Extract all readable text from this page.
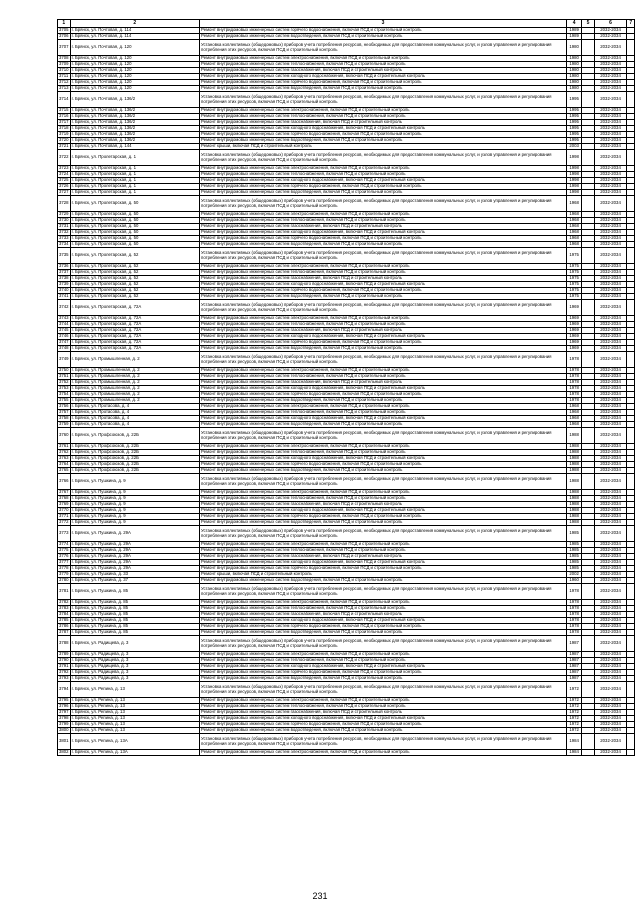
1	2	3	4	5	6	7
3705	г. Брянск, ул. Почтовая, д. 114	Ремонт внутридомовых инженерных систем горячего водоснабжения, включая ПСД и строительный контроль	1989		2032-2034	
3706	г. Брянск, ул. Почтовая, д. 114	Ремонт внутридомовых инженерных систем водоотведения, включая ПСД и строительный контроль	1989		2032-2034	
3707	г. Брянск, ул. Почтовая, д. 120	Установка коллективных (общедомовых) приборов учета потребления ресурсов, необходимых для предоставления коммунальных услуг, и узлов управления и регулирования потребления этих ресурсов, включая ПСД и строительный контроль	1980		2032-2034	
3708	г. Брянск, ул. Почтовая, д. 120	Ремонт внутридомовых инженерных систем электроснабжения, включая ПСД и строительный контроль	1980		2032-2034	
3709	г. Брянск, ул. Почтовая, д. 120	Ремонт внутридомовых инженерных систем теплоснабжения, включая ПСД и строительный контроль	1980		2032-2034	
3710	г. Брянск, ул. Почтовая, д. 120	Ремонт внутридомовых инженерных систем газоснабжения, включая ПСД и строительный контроль	1980		2032-2034	
3711	г. Брянск, ул. Почтовая, д. 120	Ремонт внутридомовых инженерных систем холодного водоснабжения, включая ПСД и строительный контроль	1980		2032-2034	
3712	г. Брянск, ул. Почтовая, д. 120	Ремонт внутридомовых инженерных систем горячего водоснабжения, включая ПСД и строительный контроль	1980		2032-2034	
3713	г. Брянск, ул. Почтовая, д. 120	Ремонт внутридомовых инженерных систем водоотведения, включая ПСД и строительный контроль	1980		2032-2034	
3714	г. Брянск, ул. Почтовая, д. 136/2	Установка коллективных (общедомовых) приборов учета потребления ресурсов, необходимых для предоставления коммунальных услуг, и узлов управления и регулирования потребления этих ресурсов, включая ПСД и строительный контроль	1995		2032-2034	
3715	г. Брянск, ул. Почтовая, д. 136/2	Ремонт внутридомовых инженерных систем электроснабжения, включая ПСД и строительный контроль	1995		2032-2034	
3716	г. Брянск, ул. Почтовая, д. 136/2	Ремонт внутридомовых инженерных систем теплоснабжения, включая ПСД и строительный контроль	1995		2032-2034	
3717	г. Брянск, ул. Почтовая, д. 136/2	Ремонт внутридомовых инженерных систем газоснабжения, включая ПСД и строительный контроль	1995		2032-2034	
3718	г. Брянск, ул. Почтовая, д. 136/2	Ремонт внутридомовых инженерных систем холодного водоснабжения, включая ПСД и строительный контроль	1995		2032-2034	
3719	г. Брянск, ул. Почтовая, д. 136/2	Ремонт внутридомовых инженерных систем горячего водоснабжения, включая ПСД и строительный контроль	1995		2032-2034	
3720	г. Брянск, ул. Почтовая, д. 136/2	Ремонт внутридомовых инженерных систем водоотведения, включая ПСД и строительный контроль	1995		2032-2034	
3721	г. Брянск, ул. Почтовая, д. 144	Ремонт крыши, включая ПСД и строительный контроль	2003		2032-2034	
3722	г. Брянск, ул. Пролетарская, д. 1	Установка коллективных (общедомовых) приборов учета потребления ресурсов, необходимых для предоставления коммунальных услуг, и узлов управления и регулирования потребления этих ресурсов, включая ПСД и строительный контроль	1998		2032-2034	
3723	г. Брянск, ул. Пролетарская, д. 1	Ремонт внутридомовых инженерных систем электроснабжения, включая ПСД и строительный контроль	1998		2032-2034	
3724	г. Брянск, ул. Пролетарская, д. 1	Ремонт внутридомовых инженерных систем теплоснабжения, включая ПСД и строительный контроль	1998		2032-2034	
3725	г. Брянск, ул. Пролетарская, д. 1	Ремонт внутридомовых инженерных систем холодного водоснабжения, включая ПСД и строительный контроль	1998		2032-2034	
3726	г. Брянск, ул. Пролетарская, д. 1	Ремонт внутридомовых инженерных систем горячего водоснабжения, включая ПСД и строительный контроль	1998		2032-2034	
3727	г. Брянск, ул. Пролетарская, д. 1	Ремонт внутридомовых инженерных систем водоотведения, включая ПСД и строительный контроль	1998		2032-2034	
3728	г. Брянск, ул. Пролетарская, д. 50	Установка коллективных (общедомовых) приборов учета потребления ресурсов, необходимых для предоставления коммунальных услуг, и узлов управления и регулирования потребления этих ресурсов, включая ПСД и строительный контроль	1968		2032-2034	
3729	г. Брянск, ул. Пролетарская, д. 50	Ремонт внутридомовых инженерных систем электроснабжения, включая ПСД и строительный контроль	1968		2032-2034	
3730	г. Брянск, ул. Пролетарская, д. 50	Ремонт внутридомовых инженерных систем теплоснабжения, включая ПСД и строительный контроль	1968		2032-2034	
3731	г. Брянск, ул. Пролетарская, д. 50	Ремонт внутридомовых инженерных систем газоснабжения, включая ПСД и строительный контроль	1968		2032-2034	
3732	г. Брянск, ул. Пролетарская, д. 50	Ремонт внутридомовых инженерных систем холодного водоснабжения, включая ПСД и строительный контроль	1968		2032-2034	
3733	г. Брянск, ул. Пролетарская, д. 50	Ремонт внутридомовых инженерных систем горячего водоснабжения, включая ПСД и строительный контроль	1968		2032-2034	
3734	г. Брянск, ул. Пролетарская, д. 50	Ремонт внутридомовых инженерных систем водоотведения, включая ПСД и строительный контроль	1968		2032-2034	
3735	г. Брянск, ул. Пролетарская, д. 52	Установка коллективных (общедомовых) приборов учета потребления ресурсов, необходимых для предоставления коммунальных услуг, и узлов управления и регулирования потребления этих ресурсов, включая ПСД и строительный контроль	1975		2032-2034	
3736	г. Брянск, ул. Пролетарская, д. 52	Ремонт внутридомовых инженерных систем электроснабжения, включая ПСД и строительный контроль	1975		2032-2034	
3737	г. Брянск, ул. Пролетарская, д. 52	Ремонт внутридомовых инженерных систем теплоснабжения, включая ПСД и строительный контроль	1975		2032-2034	
3738	г. Брянск, ул. Пролетарская, д. 52	Ремонт внутридомовых инженерных систем газоснабжения, включая ПСД и строительный контроль	1975		2032-2034	
3739	г. Брянск, ул. Пролетарская, д. 52	Ремонт внутридомовых инженерных систем холодного водоснабжения, включая ПСД и строительный контроль	1975		2032-2034	
3740	г. Брянск, ул. Пролетарская, д. 52	Ремонт внутридомовых инженерных систем горячего водоснабжения, включая ПСД и строительный контроль	1975		2032-2034	
3741	г. Брянск, ул. Пролетарская, д. 52	Ремонт внутридомовых инженерных систем водоотведения, включая ПСД и строительный контроль	1975		2032-2034	
3742	г. Брянск, ул. Пролетарская, д. 72А	Установка коллективных (общедомовых) приборов учета потребления ресурсов, необходимых для предоставления коммунальных услуг, и узлов управления и регулирования потребления этих ресурсов, включая ПСД и строительный контроль	1969		2032-2034	
3743	г. Брянск, ул. Пролетарская, д. 72А	Ремонт внутридомовых инженерных систем электроснабжения, включая ПСД и строительный контроль	1969		2032-2034	
3744	г. Брянск, ул. Пролетарская, д. 72А	Ремонт внутридомовых инженерных систем теплоснабжения, включая ПСД и строительный контроль	1969		2032-2034	
3745	г. Брянск, ул. Пролетарская, д. 72А	Ремонт внутридомовых инженерных систем газоснабжения, включая ПСД и строительный контроль	1969		2032-2034	
3746	г. Брянск, ул. Пролетарская, д. 72А	Ремонт внутридомовых инженерных систем холодного водоснабжения, включая ПСД и строительный контроль	1969		2032-2034	
3747	г. Брянск, ул. Пролетарская, д. 72А	Ремонт внутридомовых инженерных систем горячего водоснабжения, включая ПСД и строительный контроль	1969		2032-2034	
3748	г. Брянск, ул. Пролетарская, д. 72А	Ремонт внутридомовых инженерных систем водоотведения, включая ПСД и строительный контроль	1969		2032-2034	
3749	г. Брянск, ул. Промышленная, д. 2	Установка коллективных (общедомовых) приборов учета потребления ресурсов, необходимых для предоставления коммунальных услуг, и узлов управления и регулирования потребления этих ресурсов, включая ПСД и строительный контроль	1978		2032-2034	
3750	г. Брянск, ул. Промышленная, д. 2	Ремонт внутридомовых инженерных систем электроснабжения, включая ПСД и строительный контроль	1978		2032-2034	
3751	г. Брянск, ул. Промышленная, д. 2	Ремонт внутридомовых инженерных систем теплоснабжения, включая ПСД и строительный контроль	1978		2032-2034	
3752	г. Брянск, ул. Промышленная, д. 2	Ремонт внутридомовых инженерных систем газоснабжения, включая ПСД и строительный контроль	1978		2032-2034	
3753	г. Брянск, ул. Промышленная, д. 2	Ремонт внутридомовых инженерных систем холодного водоснабжения, включая ПСД и строительный контроль	1978		2032-2034	
3754	г. Брянск, ул. Промышленная, д. 2	Ремонт внутридомовых инженерных систем горячего водоснабжения, включая ПСД и строительный контроль	1978		2032-2034	
3755	г. Брянск, ул. Промышленная, д. 2	Ремонт внутридомовых инженерных систем водоотведения, включая ПСД и строительный контроль	1978		2032-2034	
3756	г. Брянск, ул. Протасова, д. 4	Ремонт внутридомовых инженерных систем электроснабжения, включая ПСД и строительный контроль	1968		2032-2034	
3757	г. Брянск, ул. Протасова, д. 4	Ремонт внутридомовых инженерных систем теплоснабжения, включая ПСД и строительный контроль	1968		2032-2034	
3758	г. Брянск, ул. Протасова, д. 4	Ремонт внутридомовых инженерных систем холодного водоснабжения, включая ПСД и строительный контроль	1968		2032-2034	
3759	г. Брянск, ул. Протасова, д. 4	Ремонт внутридомовых инженерных систем водоотведения, включая ПСД и строительный контроль	1968		2032-2034	
3760	г. Брянск, ул. Профсоюзов, д. 22Б	Установка коллективных (общедомовых) приборов учета потребления ресурсов, необходимых для предоставления коммунальных услуг, и узлов управления и регулирования потребления этих ресурсов, включая ПСД и строительный контроль	1988		2032-2034	
3761	г. Брянск, ул. Профсоюзов, д. 22Б	Ремонт внутридомовых инженерных систем электроснабжения, включая ПСД и строительный контроль	1988		2032-2034	
3762	г. Брянск, ул. Профсоюзов, д. 22Б	Ремонт внутридомовых инженерных систем теплоснабжения, включая ПСД и строительный контроль	1988		2032-2034	
3763	г. Брянск, ул. Профсоюзов, д. 22Б	Ремонт внутридомовых инженерных систем холодного водоснабжения, включая ПСД и строительный контроль	1988		2032-2034	
3764	г. Брянск, ул. Профсоюзов, д. 22Б	Ремонт внутридомовых инженерных систем горячего водоснабжения, включая ПСД и строительный контроль	1988		2032-2034	
3765	г. Брянск, ул. Профсоюзов, д. 22Б	Ремонт внутридомовых инженерных систем водоотведения, включая ПСД и строительный контроль	1988		2032-2034	
3766	г. Брянск, ул. Пушкина, д. 9	Установка коллективных (общедомовых) приборов учета потребления ресурсов, необходимых для предоставления коммунальных услуг, и узлов управления и регулирования потребления этих ресурсов, включая ПСД и строительный контроль	1988		2032-2034	
3767	г. Брянск, ул. Пушкина, д. 9	Ремонт внутридомовых инженерных систем электроснабжения, включая ПСД и строительный контроль	1988		2032-2034	
3768	г. Брянск, ул. Пушкина, д. 9	Ремонт внутридомовых инженерных систем теплоснабжения, включая ПСД и строительный контроль	1988		2032-2034	
3769	г. Брянск, ул. Пушкина, д. 9	Ремонт внутридомовых инженерных систем газоснабжения, включая ПСД и строительный контроль	1988		2032-2034	
3770	г. Брянск, ул. Пушкина, д. 9	Ремонт внутридомовых инженерных систем холодного водоснабжения, включая ПСД и строительный контроль	1988		2032-2034	
3771	г. Брянск, ул. Пушкина, д. 9	Ремонт внутридомовых инженерных систем горячего водоснабжения, включая ПСД и строительный контроль	1988		2032-2034	
3772	г. Брянск, ул. Пушкина, д. 9	Ремонт внутридомовых инженерных систем водоотведения, включая ПСД и строительный контроль	1988		2032-2034	
3773	г. Брянск, ул. Пушкина, д. 29А	Установка коллективных (общедомовых) приборов учета потребления ресурсов, необходимых для предоставления коммунальных услуг, и узлов управления и регулирования потребления этих ресурсов, включая ПСД и строительный контроль	1985		2032-2034	
3774	г. Брянск, ул. Пушкина, д. 29А	Ремонт внутридомовых инженерных систем электроснабжения, включая ПСД и строительный контроль	1985		2032-2034	
3775	г. Брянск, ул. Пушкина, д. 29А	Ремонт внутридомовых инженерных систем теплоснабжения, включая ПСД и строительный контроль	1985		2032-2034	
3776	г. Брянск, ул. Пушкина, д. 29А	Ремонт внутридомовых инженерных систем газоснабжения, включая ПСД и строительный контроль	1985		2032-2034	
3777	г. Брянск, ул. Пушкина, д. 29А	Ремонт внутридомовых инженерных систем холодного водоснабжения, включая ПСД и строительный контроль	1985		2032-2034	
3778	г. Брянск, ул. Пушкина, д. 29А	Ремонт внутридомовых инженерных систем горячего водоснабжения, включая ПСД и строительный контроль	1985		2032-2034	
3779	г. Брянск, ул. Пушкина, д. 33	Ремонт крыши, включая ПСД и строительный контроль	2002		2032-2034	
3780	г. Брянск, ул. Пушкина, д. 37	Ремонт внутридомовых инженерных систем водоотведения, включая ПСД и строительный контроль	1960		2032-2034	
3781	г. Брянск, ул. Пушкина, д. 85	Установка коллективных (общедомовых) приборов учета потребления ресурсов, необходимых для предоставления коммунальных услуг, и узлов управления и регулирования потребления этих ресурсов, включая ПСД и строительный контроль	1978		2032-2034	
3782	г. Брянск, ул. Пушкина, д. 85	Ремонт внутридомовых инженерных систем электроснабжения, включая ПСД и строительный контроль	1978		2032-2034	
3783	г. Брянск, ул. Пушкина, д. 85	Ремонт внутридомовых инженерных систем теплоснабжения, включая ПСД и строительный контроль	1978		2032-2034	
3784	г. Брянск, ул. Пушкина, д. 85	Ремонт внутридомовых инженерных систем газоснабжения, включая ПСД и строительный контроль	1978		2032-2034	
3785	г. Брянск, ул. Пушкина, д. 85	Ремонт внутридомовых инженерных систем холодного водоснабжения, включая ПСД и строительный контроль	1978		2032-2034	
3786	г. Брянск, ул. Пушкина, д. 85	Ремонт внутридомовых инженерных систем горячего водоснабжения, включая ПСД и строительный контроль	1978		2032-2034	
3787	г. Брянск, ул. Пушкина, д. 85	Ремонт внутридомовых инженерных систем водоотведения, включая ПСД и строительный контроль	1978		2032-2034	
3788	г. Брянск, ул. Радищева, д. 3	Установка коллективных (общедомовых) приборов учета потребления ресурсов, необходимых для предоставления коммунальных услуг, и узлов управления и регулирования потребления этих ресурсов, включая ПСД и строительный контроль	1987		2032-2034	
3789	г. Брянск, ул. Радищева, д. 3	Ремонт внутридомовых инженерных систем электроснабжения, включая ПСД и строительный контроль	1987		2032-2034	
3790	г. Брянск, ул. Радищева, д. 3	Ремонт внутридомовых инженерных систем теплоснабжения, включая ПСД и строительный контроль	1987		2032-2034	
3791	г. Брянск, ул. Радищева, д. 3	Ремонт внутридомовых инженерных систем холодного водоснабжения, включая ПСД и строительный контроль	1987		2032-2034	
3792	г. Брянск, ул. Радищева, д. 3	Ремонт внутридомовых инженерных систем горячего водоснабжения, включая ПСД и строительный контроль	1987		2032-2034	
3793	г. Брянск, ул. Радищева, д. 3	Ремонт внутридомовых инженерных систем водоотведения, включая ПСД и строительный контроль	1987		2032-2034	
3794	г. Брянск, ул. Репина, д. 13	Установка коллективных (общедомовых) приборов учета потребления ресурсов, необходимых для предоставления коммунальных услуг, и узлов управления и регулирования потребления этих ресурсов, включая ПСД и строительный контроль	1972		2032-2034	
3795	г. Брянск, ул. Репина, д. 13	Ремонт внутридомовых инженерных систем электроснабжения, включая ПСД и строительный контроль	1972		2032-2034	
3796	г. Брянск, ул. Репина, д. 13	Ремонт внутридомовых инженерных систем теплоснабжения, включая ПСД и строительный контроль	1972		2032-2034	
3797	г. Брянск, ул. Репина, д. 13	Ремонт внутридомовых инженерных систем газоснабжения, включая ПСД и строительный контроль	1972		2032-2034	
3798	г. Брянск, ул. Репина, д. 13	Ремонт внутридомовых инженерных систем холодного водоснабжения, включая ПСД и строительный контроль	1972		2032-2034	
3799	г. Брянск, ул. Репина, д. 13	Ремонт внутридомовых инженерных систем горячего водоснабжения, включая ПСД и строительный контроль	1972		2032-2034	
3800	г. Брянск, ул. Репина, д. 13	Ремонт внутридомовых инженерных систем водоотведения, включая ПСД и строительный контроль	1972		2032-2034	
3801	г. Брянск, ул. Репина, д. 13А	Установка коллективных (общедомовых) приборов учета потребления ресурсов, необходимых для предоставления коммунальных услуг, и узлов управления и регулирования потребления этих ресурсов, включая ПСД и строительный контроль	1984		2032-2034	
3802	г. Брянск, ул. Репина, д. 13А	Ремонт внутридомовых инженерных систем электроснабжения, включая ПСД и строительный контроль	1984		2032-2034	
231
